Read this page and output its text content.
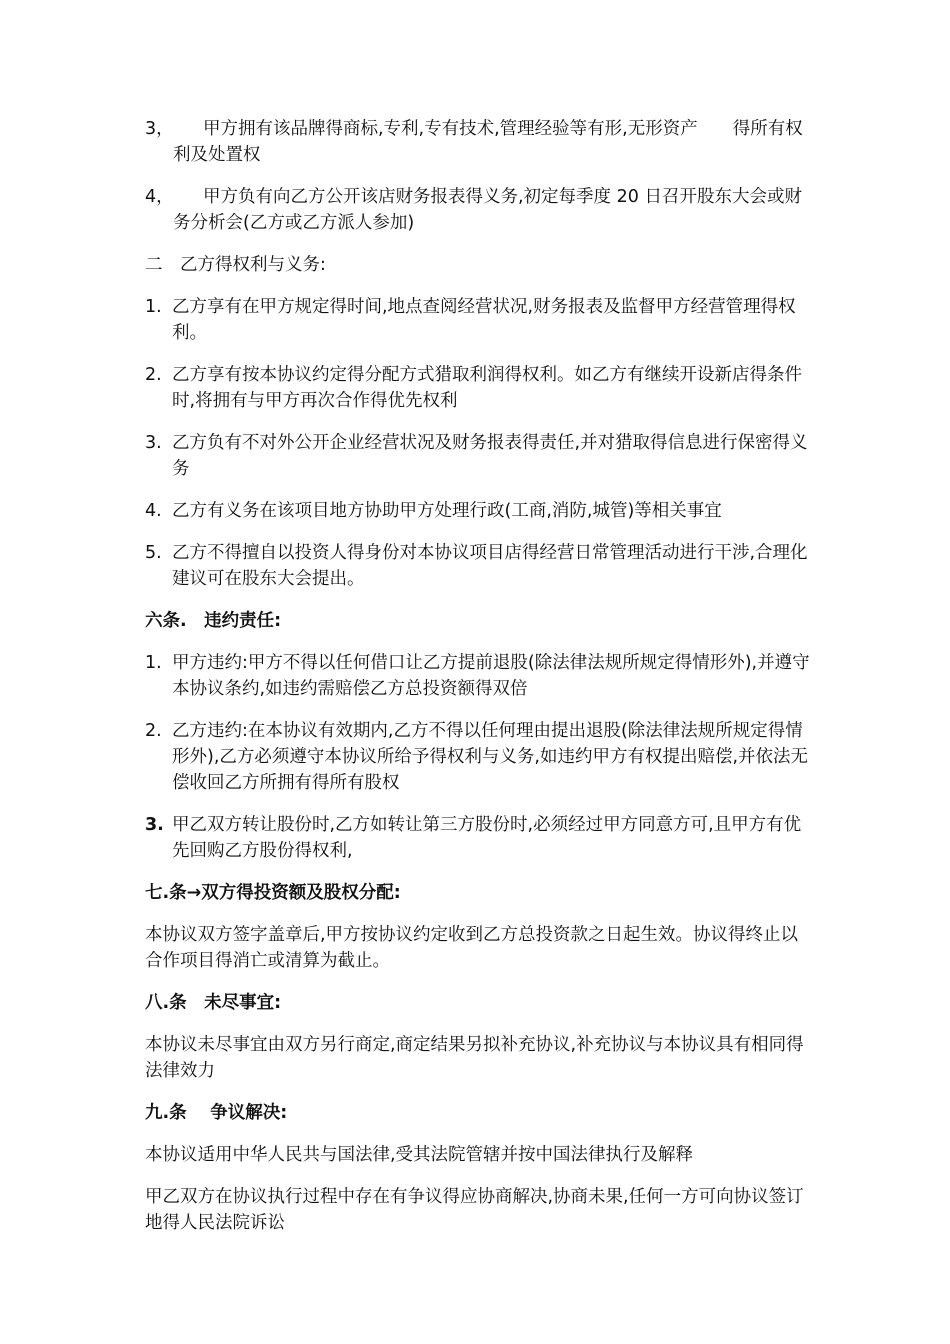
3， 甲方拥有该品牌得商标,专利,专有技术,管理经验等有形,无形资产　　得所有权利及处置权
4， 甲方负有向乙方公开该店财务报表得义务,初定每季度 20 日召开股东大会或财务分析会(乙方或乙方派人参加)
二　乙方得权利与义务:
1. 乙方享有在甲方规定得时间,地点查阅经营状况,财务报表及监督甲方经营管理得权利。
2. 乙方享有按本协议约定得分配方式猎取利润得权利。如乙方有继续开设新店得条件时,将拥有与甲方再次合作得优先权利
3. 乙方负有不对外公开企业经营状况及财务报表得责任,并对猎取得信息进行保密得义务
4. 乙方有义务在该项目地方协助甲方处理行政(工商,消防,城管)等相关事宜
5. 乙方不得擅自以投资人得身份对本协议项目店得经营日常管理活动进行干涉,合理化建议可在股东大会提出。
六条.　违约责任:
1. 甲方违约:甲方不得以任何借口让乙方提前退股(除法律法规所规定得情形外),并遵守本协议条约,如违约需赔偿乙方总投资额得双倍
2. 乙方违约:在本协议有效期内,乙方不得以任何理由提出退股(除法律法规所规定得情形外),乙方必须遵守本协议所给予得权利与义务,如违约甲方有权提出赔偿,并依法无偿收回乙方所拥有得所有股权
3. 甲乙双方转让股份时,乙方如转让第三方股份时,必须经过甲方同意方可,且甲方有优先回购乙方股份得权利,
七.条→双方得投资额及股权分配:
本协议双方签字盖章后,甲方按协议约定收到乙方总投资款之日起生效。协议得终止以合作项目得消亡或清算为截止。
八.条　未尽事宜:
本协议未尽事宜由双方另行商定,商定结果另拟补充协议,补充协议与本协议具有相同得法律效力
九.条　 争议解决:
本协议适用中华人民共与国法律,受其法院管辖并按中国法律执行及解释
甲乙双方在协议执行过程中存在有争议得应协商解决,协商未果,任何一方可向协议签订地得人民法院诉讼
